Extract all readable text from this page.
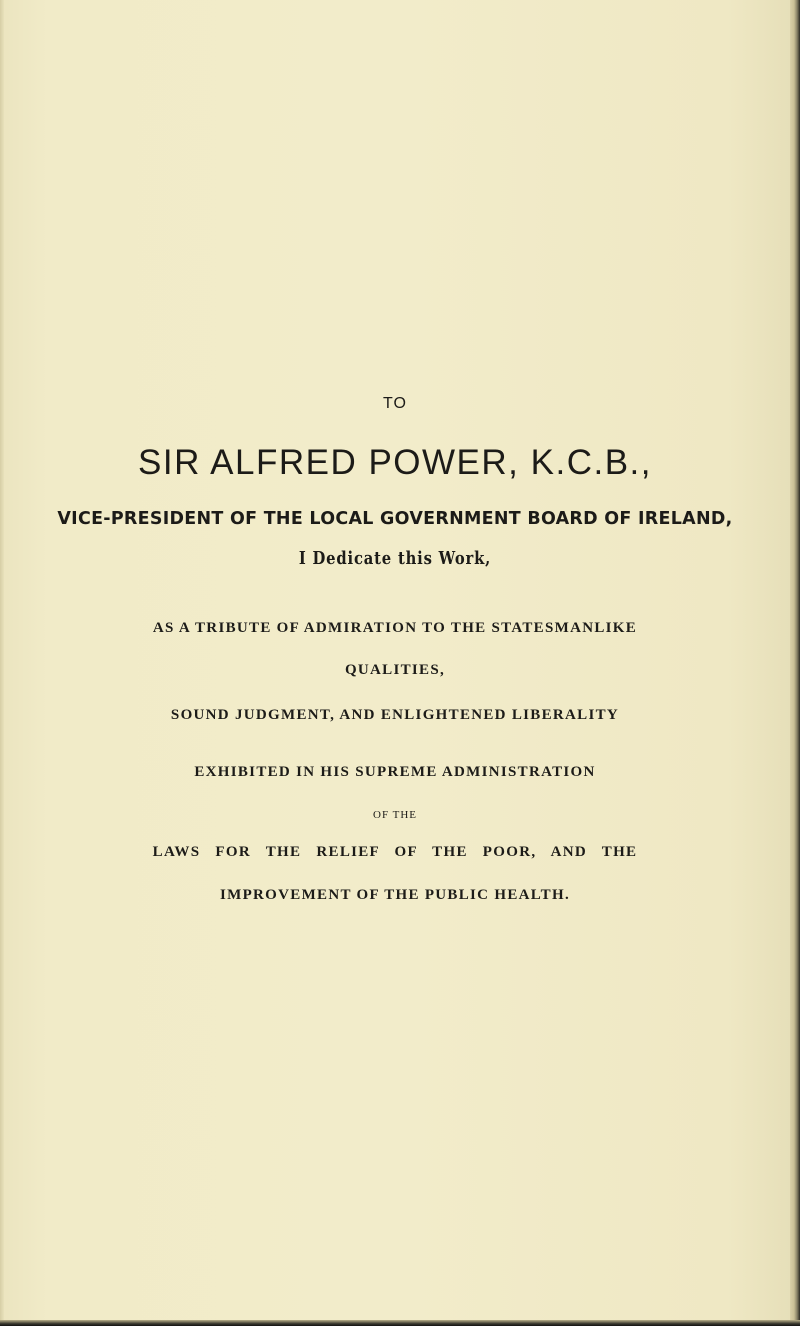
TO
SIR ALFRED POWER, K.C.B.,
VICE-PRESIDENT OF THE LOCAL GOVERNMENT BOARD OF IRELAND,
I Dedicate this Work,
AS A TRIBUTE OF ADMIRATION TO THE STATESMANLIKE
QUALITIES,
SOUND JUDGMENT, AND ENLIGHTENED LIBERALITY
EXHIBITED IN HIS SUPREME ADMINISTRATION
OF THE
LAWS FOR THE RELIEF OF THE POOR, AND THE
IMPROVEMENT OF THE PUBLIC HEALTH.
